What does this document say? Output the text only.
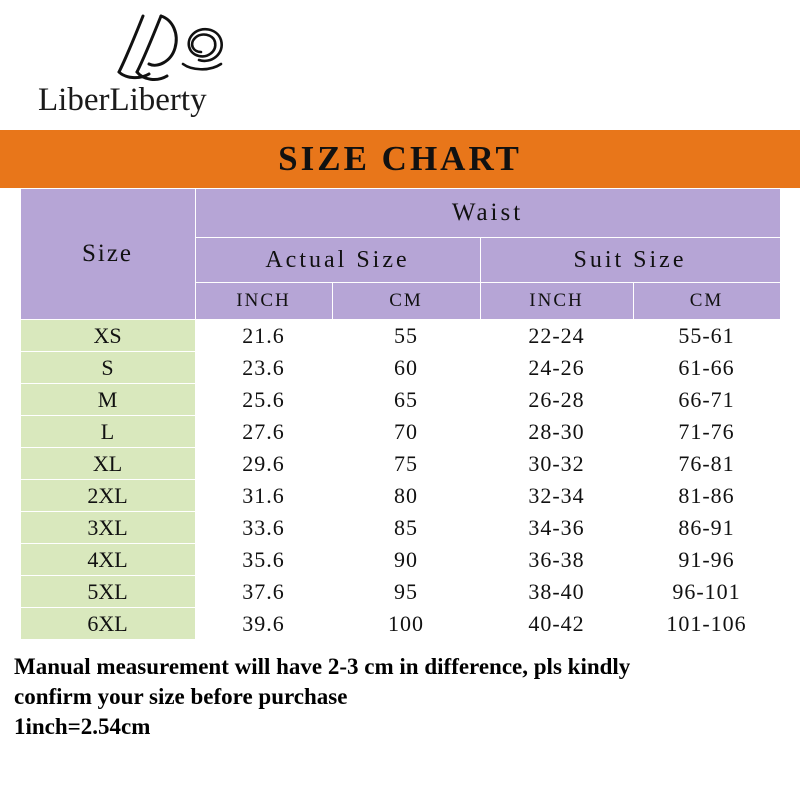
LiberLiberty
SIZE CHART
Size	Waist			
	Actual Size		Suit Size	
	INCH	CM	INCH	CM
XS	21.6	55	22-24	55-61
S	23.6	60	24-26	61-66
M	25.6	65	26-28	66-71
L	27.6	70	28-30	71-76
XL	29.6	75	30-32	76-81
2XL	31.6	80	32-34	81-86
3XL	33.6	85	34-36	86-91
4XL	35.6	90	36-38	91-96
5XL	37.6	95	38-40	96-101
6XL	39.6	100	40-42	101-106
Manual measurement will have 2-3 cm in difference, pls kindly
confirm your size before purchase
1inch=2.54cm
